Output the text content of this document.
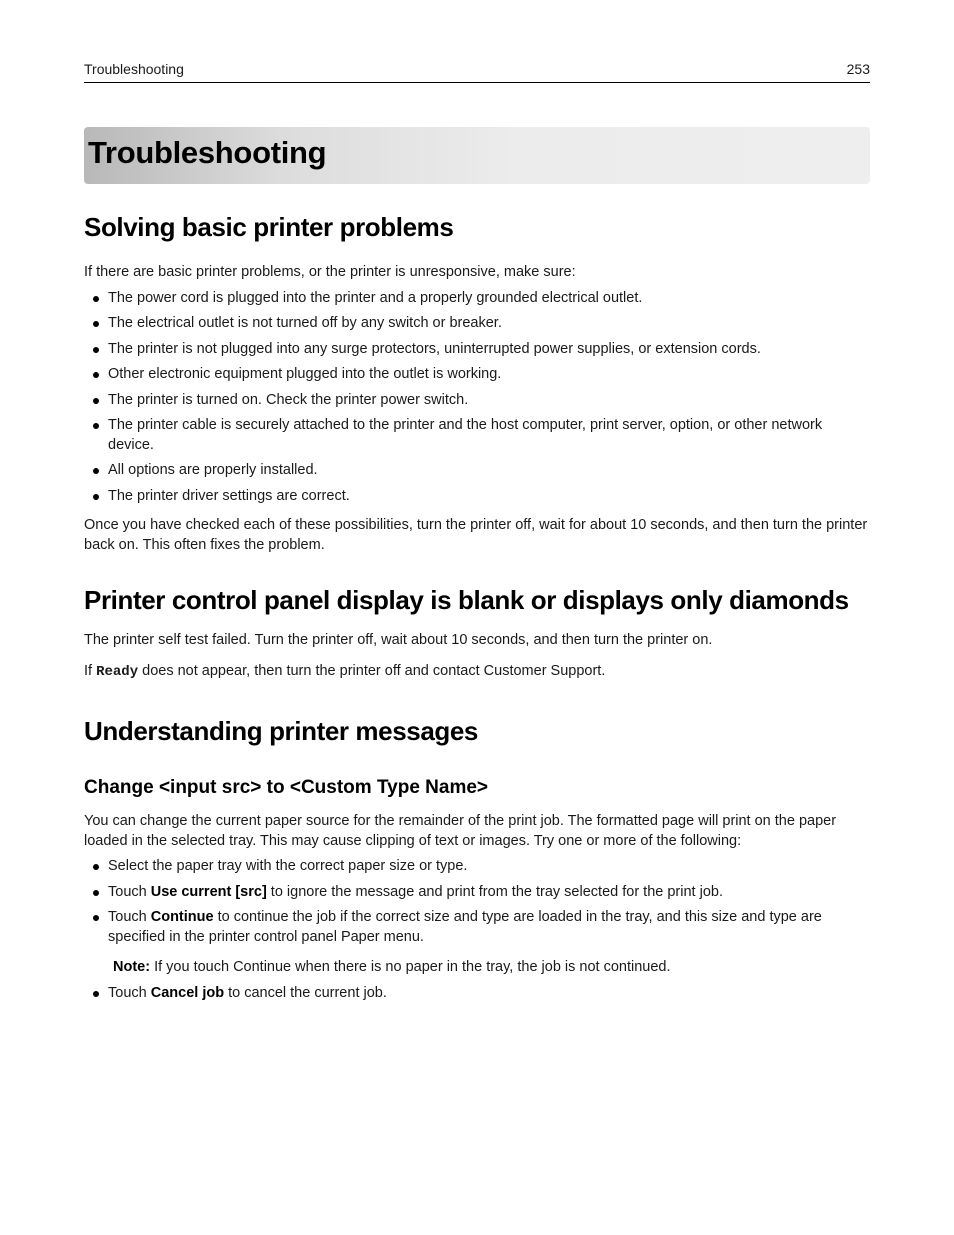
Troubleshooting	253
Troubleshooting
Solving basic printer problems

If there are basic printer problems, or the printer is unresponsive, make sure:

The power cord is plugged into the printer and a properly grounded electrical outlet.
The electrical outlet is not turned off by any switch or breaker.
The printer is not plugged into any surge protectors, uninterrupted power supplies, or extension cords.
Other electronic equipment plugged into the outlet is working.
The printer is turned on. Check the printer power switch.
The printer cable is securely attached to the printer and the host computer, print server, option, or other network device.
All options are properly installed.
The printer driver settings are correct.

Once you have checked each of these possibilities, turn the printer off, wait for about 10 seconds, and then turn the printer back on. This often fixes the problem.

Printer control panel display is blank or displays only diamonds

The printer self test failed. Turn the printer off, wait about 10 seconds, and then turn the printer on.

If Ready does not appear, then turn the printer off and contact Customer Support.

Understanding printer messages
Change <input src> to <Custom Type Name>

You can change the current paper source for the remainder of the print job. The formatted page will print on the paper loaded in the selected tray. This may cause clipping of text or images. Try one or more of the following:

Select the paper tray with the correct paper size or type.
Touch Use current [src] to ignore the message and print from the tray selected for the print job.
Touch Continue to continue the job if the correct size and type are loaded in the tray, and this size and type are specified in the printer control panel Paper menu.

Note: If you touch Continue when there is no paper in the tray, the job is not continued.

Touch Cancel job to cancel the current job.
